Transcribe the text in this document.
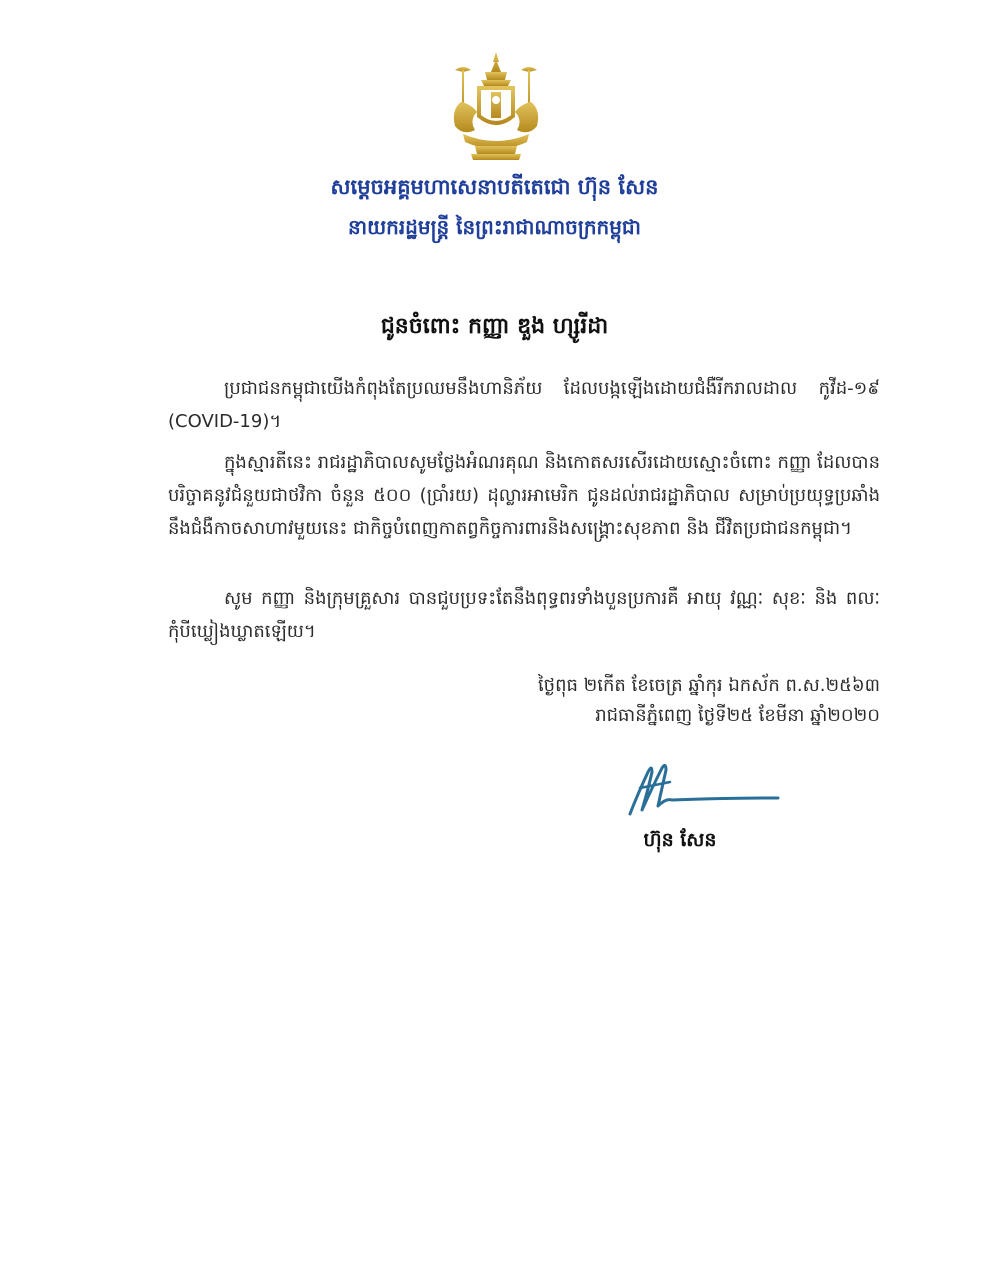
សម្តេចអគ្គមហាសេនាបតីតេជោ ហ៊ុន សែន
នាយករដ្ឋមន្ត្រី នៃព្រះរាជាណាចក្រកម្ពុជា
ជូនចំពោះ កញ្ញា ឌួង ហ្សូរីដា
ប្រជាជនកម្ពុជាយើងកំពុងតែប្រឈមនឹងហានិភ័យ ដែលបង្កឡើងដោយជំងឺរីករាលដាល កូវីដ-១៩ (COVID-19)។
ក្នុងស្មារតីនេះ រាជរដ្ឋាភិបាលសូមថ្លែងអំណរគុណ និងកោតសរសើរដោយស្មោះចំពោះ កញ្ញា ដែលបានបរិច្ចាគនូវជំនួយជាថវិកា ចំនួន ៥០០ (ប្រាំរយ) ដុល្លារអាមេរិក ជូនដល់រាជរដ្ឋាភិបាល សម្រាប់ប្រយុទ្ធប្រឆាំងនឹងជំងឺកាចសាហាវមួយនេះ ជាកិច្ចបំពេញកាតព្វកិច្ចការពារនិងសង្គ្រោះសុខភាព និង ជីវិតប្រជាជនកម្ពុជា។
សូម កញ្ញា និងក្រុមគ្រួសារ បានជួបប្រទះតែនឹងពុទ្ធពរទាំងបួនប្រការគឺ អាយុ វណ្ណៈ សុខៈ និង ពលៈ កុំបីឃ្លៀងឃ្លាតឡើយ។
ថ្ងៃពុធ ២កើត ខែចេត្រ ឆ្នាំកុរ ឯកស័ក ព.ស.២៥៦៣
រាជធានីភ្នំពេញ ថ្ងៃទី២៥ ខែមីនា ឆ្នាំ២០២០
ហ៊ុន សែន
